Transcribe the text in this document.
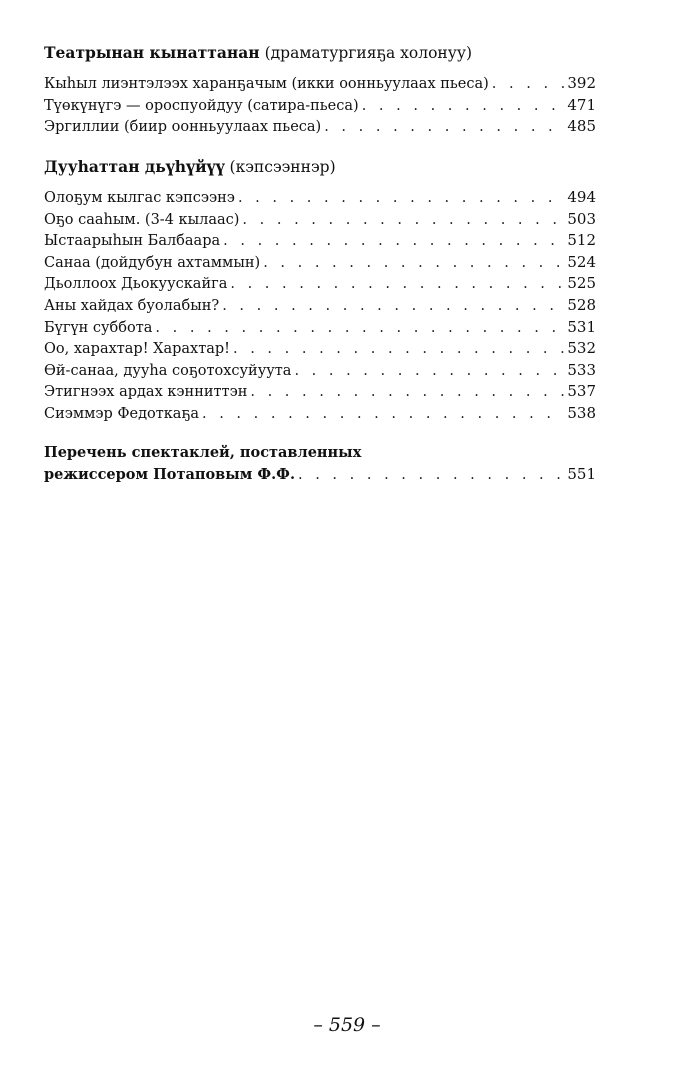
Театрынан кынаттанан (драматургияҕа холонуу)

Кыһыл лиэнтэлээх харанҕачым (икки оонньуулаах пьеса) . . .	392
Түөкүнүгэ — ороспуойдуу (сатира-пьеса) . . .	471
Эргиллии (биир оонньуулаах пьеса) . . .	485

Дууһаттан дьүһүйүү (кэпсээннэр)

Олоҕум кылгас кэпсээнэ . . .	494
Оҕо сааһым. (3-4 кылаас) . . .	503
Ыстаарыһын Балбаара . . .	512
Санаа (дойдубун ахтаммын) . . .	524
Дьоллоох Дьокуускайга . . .	525
Аны хайдах буолабын? . . .	528
Бүгүн суббота . . .	531
Оо, харахтар! Харахтар! . . .	532
Өй-санаа, дууһа соҕотохсуйуута . . .	533
Этигнээх ардах кэнниттэн . . .	537
Сиэммэр Федоткаҕа . . .	538
Перечень спектаклей, поставленных
режиссером Потаповым Ф.Ф. . . .	551
– 559 –
